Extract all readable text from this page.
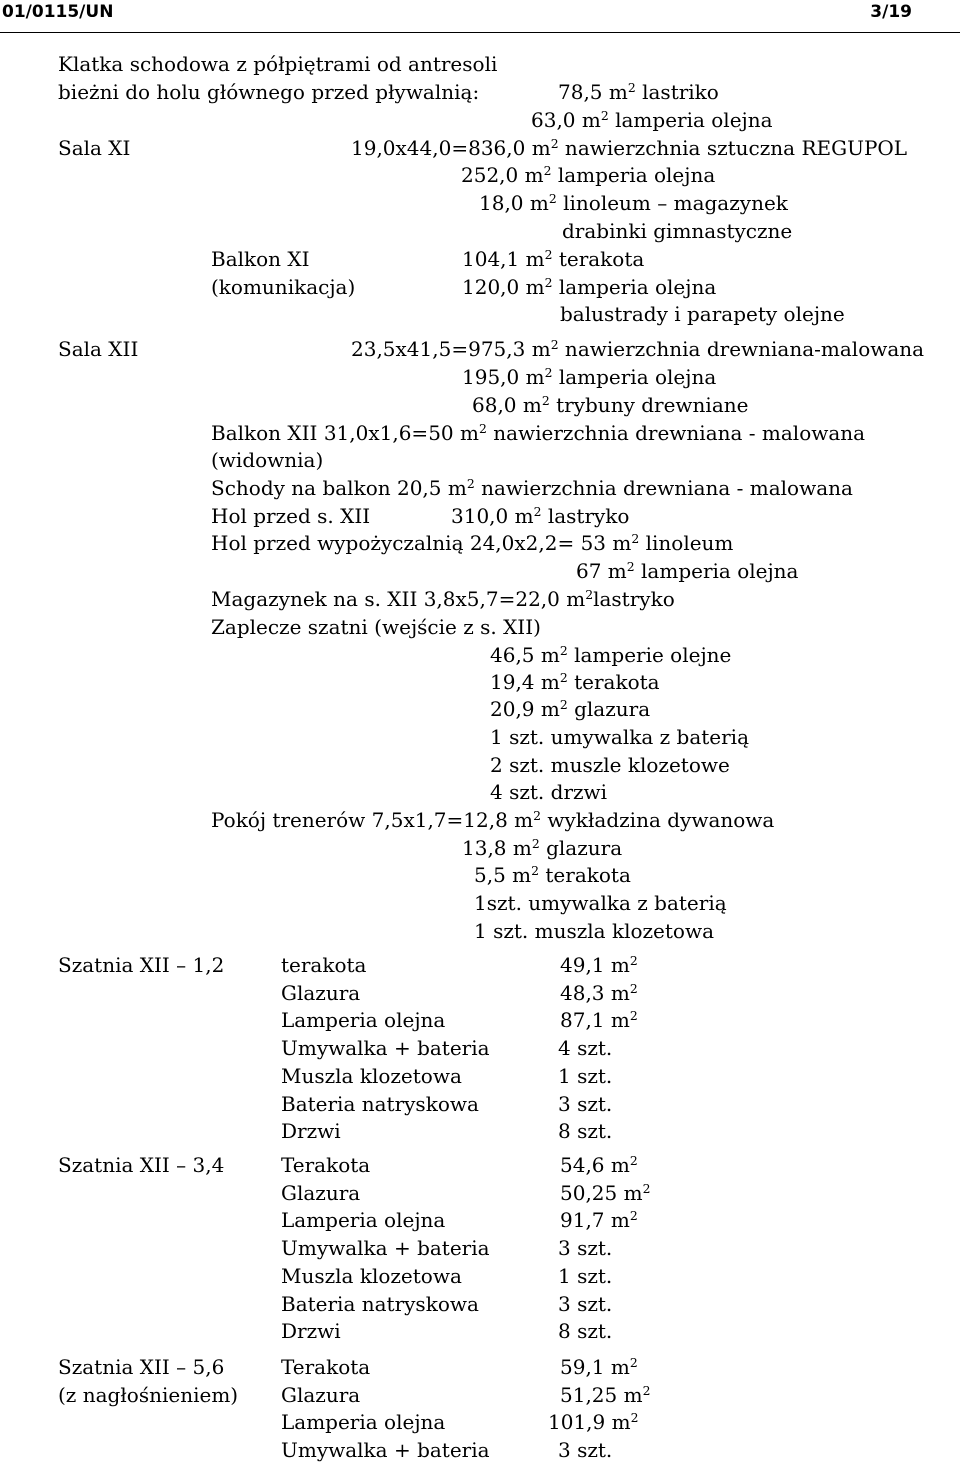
01/0115/UN	3/19
Klatka schodowa z półpiętrami od antresoli
bieżni do holu głównego przed pływalnią:	78,5 $m^2$ lastriko
63,0 $m^2$ lamperia olejna
Sala XI	19,0x44,0=836,0 $m^2$ nawierzchnia sztuczna REGUPOL
252,0 $m^2$ lamperia olejna
18,0 $m^2$ linoleum – magazynek
drabinki gimnastyczne
Balkon XI	104,1 $m^2$ terakota
(komunikacja)	120,0 $m^2$ lamperia olejna
balustrady i parapety olejne
Sala XII	23,5x41,5=975,3 $m^2$ nawierzchnia drewniana-malowana
195,0 $m^2$ lamperia olejna
68,0 $m^2$ trybuny drewniane
Balkon XII 31,0x1,6=50 $m^2$ nawierzchnia drewniana - malowana
(widownia)
Schody na balkon 20,5 $m^2$ nawierzchnia drewniana - malowana
Hol przed s. XII	310,0 $m^2$ lastryko
Hol przed wypożyczalnią 24,0x2,2= 53 $m^2$ linoleum
67 $m^2$ lamperia olejna
Magazynek na s. XII 3,8x5,7=22,0 $m^2lastryko$
Zaplecze szatni (wejście z s. XII)
46,5 $m^2$ lamperie olejne
19,4 $m^2$ terakota
20,9 $m^2$ glazura
1 szt. umywalka z baterią
2 szt. muszle klozetowe
4 szt. drzwi
Pokój trenerów 7,5x1,7=12,8 $m^2$ wykładzina dywanowa
13,8 $m^2$ glazura
5,5 $m^2$ terakota
1szt. umywalka z baterią
1 szt. muszla klozetowa
Szatnia XII – 1,2	terakota	49,1 $m^2$
Glazura	48,3 $m^2$
Lamperia olejna	87,1 $m^2$
Umywalka + bateria	4 szt.
Muszla klozetowa	1 szt.
Bateria natryskowa	3 szt.
Drzwi	8 szt.
Szatnia XII – 3,4	Terakota	54,6 $m^2$
Glazura	50,25 $m^2$
Lamperia olejna	91,7 $m^2$
Umywalka + bateria	3 szt.
Muszla klozetowa	1 szt.
Bateria natryskowa	3 szt.
Drzwi	8 szt.
Szatnia XII – 5,6
(z nagłośnieniem)
Terakota	59,1 $m^2$
Glazura	51,25 $m^2$
Lamperia olejna	101,9 $m^2$
Umywalka + bateria	3 szt.
